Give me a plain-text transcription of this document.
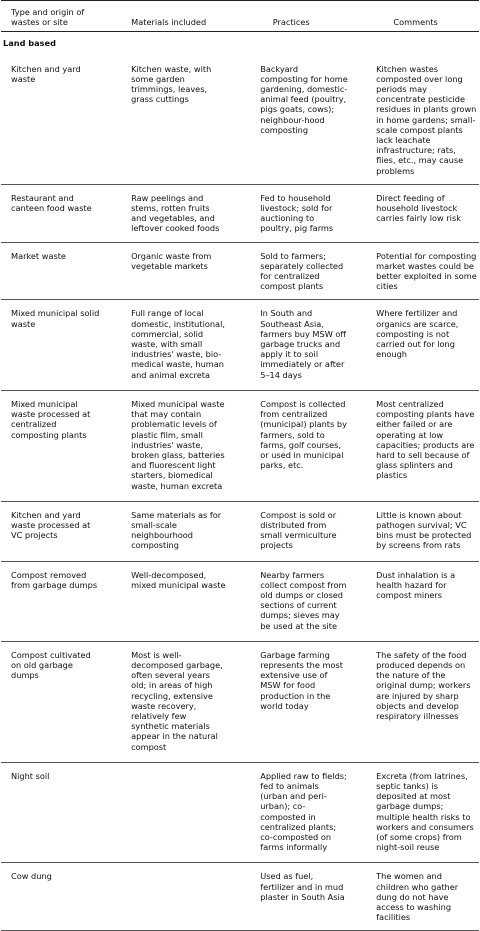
Type and origin of wastes or site	Materials included	Practices	Comments
Land based			
Kitchen and yard waste	Kitchen waste, with some garden trimmings, leaves, grass cuttings	Backyard composting for home gardening, domestic-animal feed (poultry, pigs goats, cows); neighbour-hood composting	Kitchen wastes composted over long periods may concentrate pesticide residues in plants grown in home gardens; small-scale compost plants lack leachate infrastructure; rats, flies, etc., may cause problems
Restaurant and canteen food waste	Raw peelings and stems, rotten fruits and vegetables, and leftover cooked foods	Fed to household livestock; sold for auctioning to poultry, pig farms	Direct feeding of household livestock carries fairly low risk
Market waste	Organic waste from vegetable markets	Sold to farmers; separately collected for centralized compost plants	Potential for composting market wastes could be better exploited in some cities
Mixed municipal solid waste	Full range of local domestic, institutional, commercial, solid waste, with small industries' waste, bio-medical waste, human and animal excreta	In South and Southeast Asia, farmers buy MSW off garbage trucks and apply it to soil immediately or after 5–14 days	Where fertilizer and organics are scarce, composting is not carried out for long enough
Mixed municipal waste processed at centralized composting plants	Mixed municipal waste that may contain problematic levels of plastic film, small industries' waste, broken glass, batteries and fluorescent light starters, biomedical waste, human excreta	Compost is collected from centralized (municipal) plants by farmers, sold to farms, golf courses, or used in municipal parks, etc.	Most centralized composting plants have either failed or are operating at low capacities; products are hard to sell because of glass splinters and plastics
Kitchen and yard waste processed at VC projects	Same materials as for small-scale neighbourhood composting	Compost is sold or distributed from small vermiculture projects	Little is known about pathogen survival; VC bins must be protected by screens from rats
Compost removed from garbage dumps	Well-decomposed, mixed municipal waste	Nearby farmers collect compost from old dumps or closed sections of current dumps; sieves may be used at the site	Dust inhalation is a health hazard for compost miners
Compost cultivated on old garbage dumps	Most is well-decomposed garbage, often several years old; in areas of high recycling, extensive waste recovery, relatively few synthetic materials appear in the natural compost	Garbage farming represents the most extensive use of MSW for food production in the world today	The safety of the food produced depends on the nature of the original dump; workers are injured by sharp objects and develop respiratory illnesses
Night soil		Applied raw to fields; fed to animals (urban and peri-urban); co-composted in centralized plants; co-composted on farms informally	Excreta (from latrines, septic tanks) is deposited at most garbage dumps; multiple health risks to workers and consumers (of some crops) from night-soil reuse
Cow dung		Used as fuel, fertilizer and in mud plaster in South Asia	The women and children who gather dung do not have access to washing facilities
